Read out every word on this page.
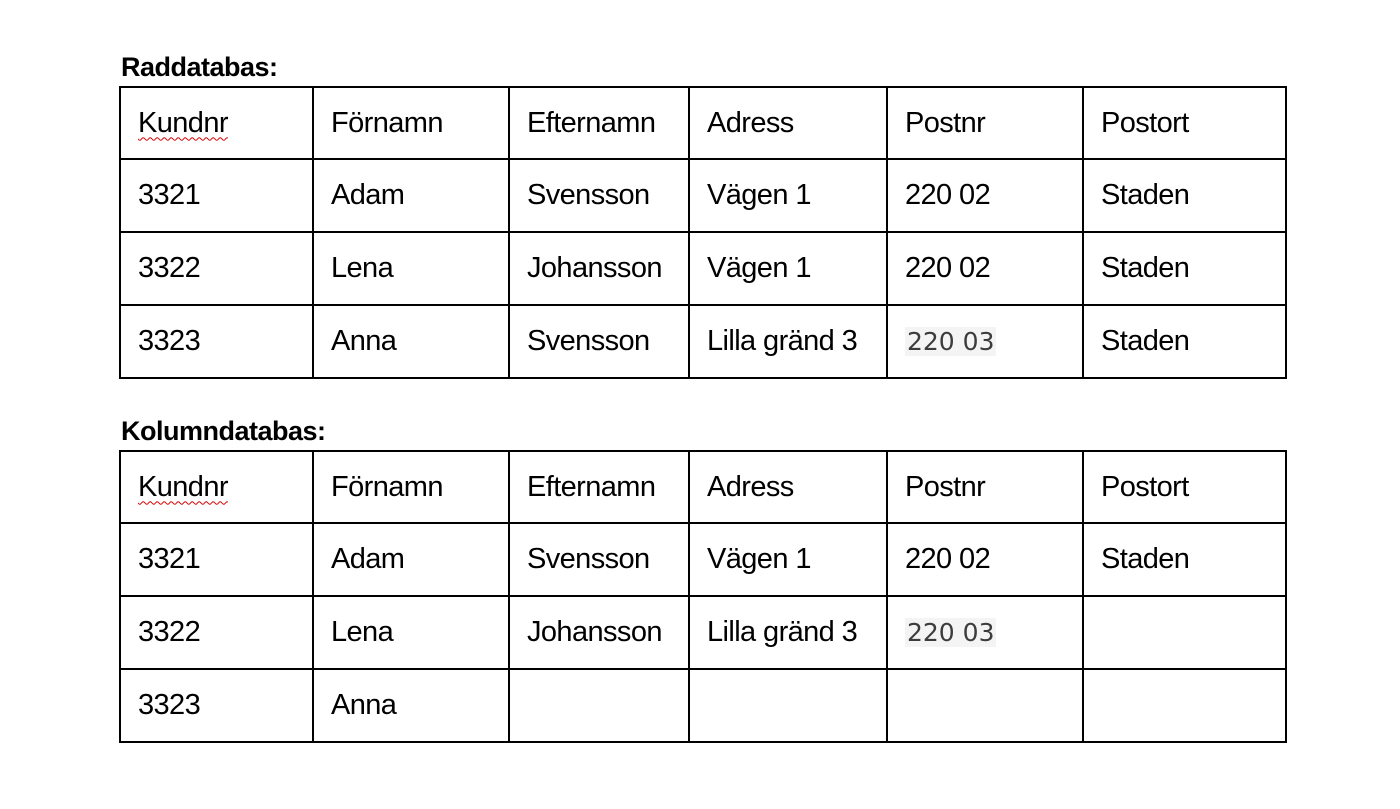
Raddatabas:
Kundnr	Förnamn	Efternamn	Adress	Postnr	Postort
3321	Adam	Svensson	Vägen 1	220 02	Staden
3322	Lena	Johansson	Vägen 1	220 02	Staden
3323	Anna	Svensson	Lilla gränd 3	220 03	Staden
Kolumndatabas:
Kundnr	Förnamn	Efternamn	Adress	Postnr	Postort
3321	Adam	Svensson	Vägen 1	220 02	Staden
3322	Lena	Johansson	Lilla gränd 3	220 03	
3323	Anna				
